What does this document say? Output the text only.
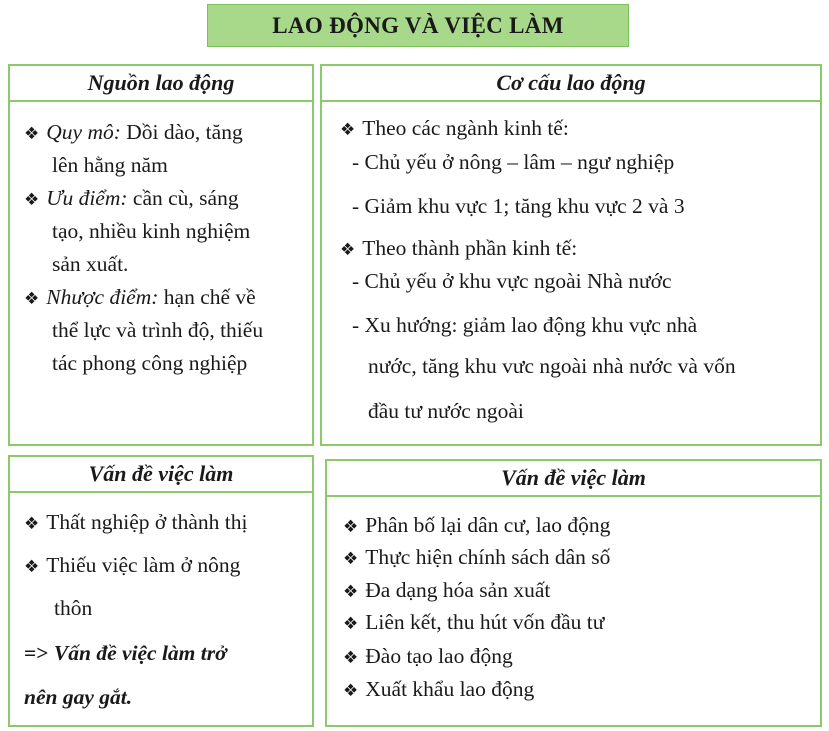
LAO ĐỘNG VÀ VIỆC LÀM
Nguồn lao động
❖ Quy mô: Dồi dào, tăng
lên hằng năm
❖ Ưu điểm: cần cù, sáng
tạo, nhiều kinh nghiệm
sản xuất.
❖ Nhược điểm: hạn chế về
thể lực và trình độ, thiếu
tác phong công nghiệp
Cơ cấu lao động
❖ Theo các ngành kinh tế:
- Chủ yếu ở nông – lâm – ngư nghiệp
- Giảm khu vực 1; tăng khu vực 2 và 3
❖ Theo thành phần kinh tế:
- Chủ yếu ở khu vực ngoài Nhà nước
- Xu hướng: giảm lao động khu vực nhà
nước, tăng khu vưc ngoài nhà nước và vốn
đầu tư nước ngoài
Vấn đề việc làm
❖ Thất nghiệp ở thành thị
❖ Thiếu việc làm ở nông
thôn
=> Vấn đề việc làm trở
nên gay gắt.
Vấn đề việc làm
❖ Phân bố lại dân cư, lao động
❖ Thực hiện chính sách dân số
❖ Đa dạng hóa sản xuất
❖ Liên kết, thu hút vốn đầu tư
❖ Đào tạo lao động
❖ Xuất khẩu lao động
